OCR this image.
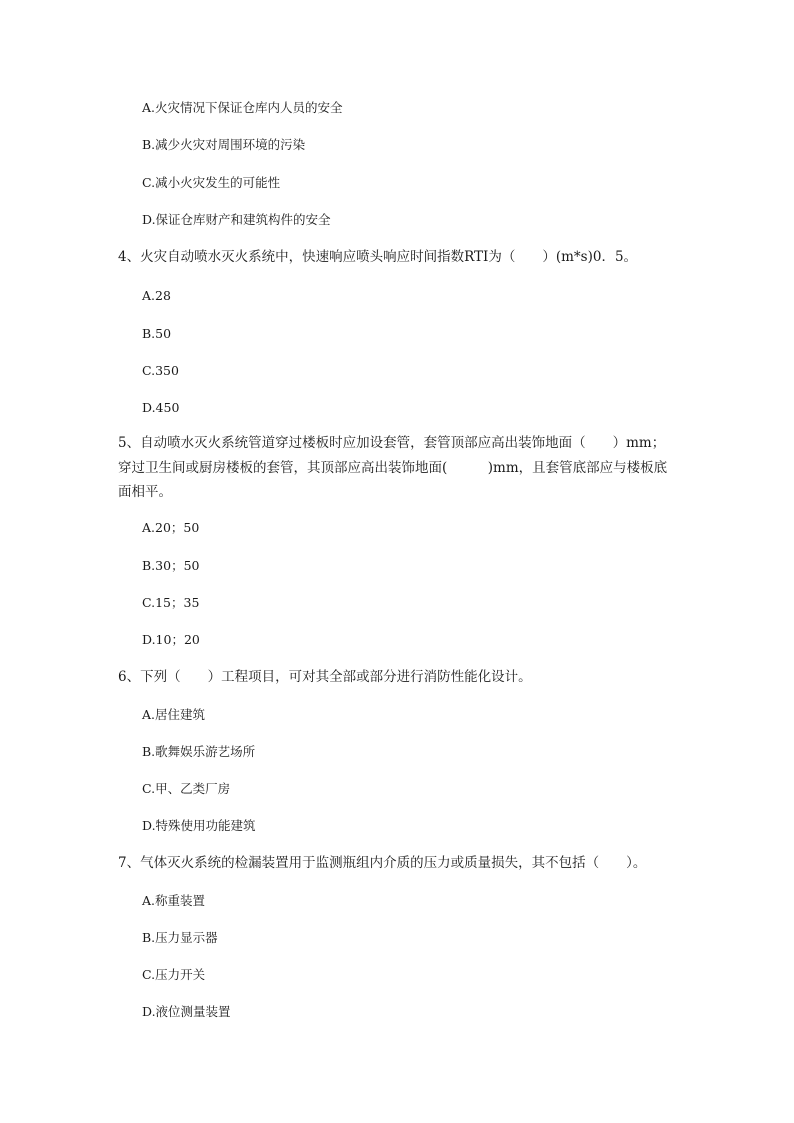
A.火灾情况下保证仓库内人员的安全
B.减少火灾对周围环境的污染
C.减小火灾发生的可能性
D.保证仓库财产和建筑构件的安全
4、火灾自动喷水灭火系统中，快速响应喷头响应时间指数RTI为（　　）(m*s)0．5。
A.28
B.50
C.350
D.450
5、自动喷水灭火系统管道穿过楼板时应加设套管，套管顶部应高出装饰地面（　　）mm；
穿过卫生间或厨房楼板的套管，其顶部应高出装饰地面(　　　)mm，且套管底部应与楼板底
面相平。
A.20；50
B.30；50
C.15；35
D.10；20
6、下列（　　）工程项目，可对其全部或部分进行消防性能化设计。
A.居住建筑
B.歌舞娱乐游艺场所
C.甲、乙类厂房
D.特殊使用功能建筑
7、气体灭火系统的检漏装置用于监测瓶组内介质的压力或质量损失，其不包括（　　）。
A.称重装置
B.压力显示器
C.压力开关
D.液位测量装置
